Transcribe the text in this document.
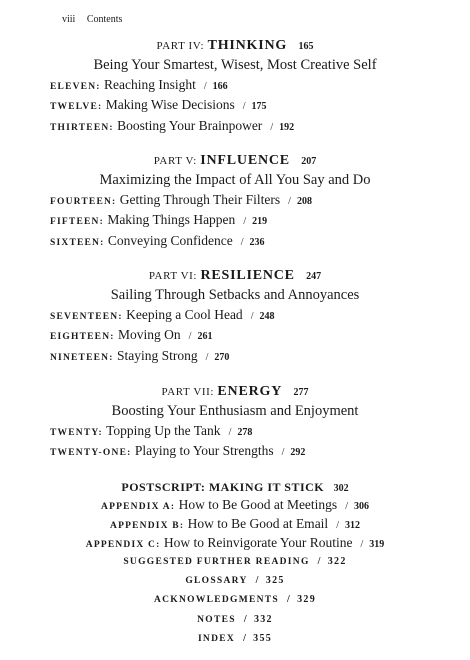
viii Contents
PART IV: THINKING 165
Being Your Smartest, Wisest, Most Creative Self
ELEVEN: Reaching Insight / 166
TWELVE: Making Wise Decisions / 175
THIRTEEN: Boosting Your Brainpower / 192
PART V: INFLUENCE 207
Maximizing the Impact of All You Say and Do
FOURTEEN: Getting Through Their Filters / 208
FIFTEEN: Making Things Happen / 219
SIXTEEN: Conveying Confidence / 236
PART VI: RESILIENCE 247
Sailing Through Setbacks and Annoyances
SEVENTEEN: Keeping a Cool Head / 248
EIGHTEEN: Moving On / 261
NINETEEN: Staying Strong / 270
PART VII: ENERGY 277
Boosting Your Enthusiasm and Enjoyment
TWENTY: Topping Up the Tank / 278
TWENTY-ONE: Playing to Your Strengths / 292
POSTSCRIPT: MAKING IT STICK 302
APPENDIX A: How to Be Good at Meetings / 306
APPENDIX B: How to Be Good at Email / 312
APPENDIX C: How to Reinvigorate Your Routine / 319
SUGGESTED FURTHER READING / 322
GLOSSARY / 325
ACKNOWLEDGMENTS / 329
NOTES / 332
INDEX / 355
